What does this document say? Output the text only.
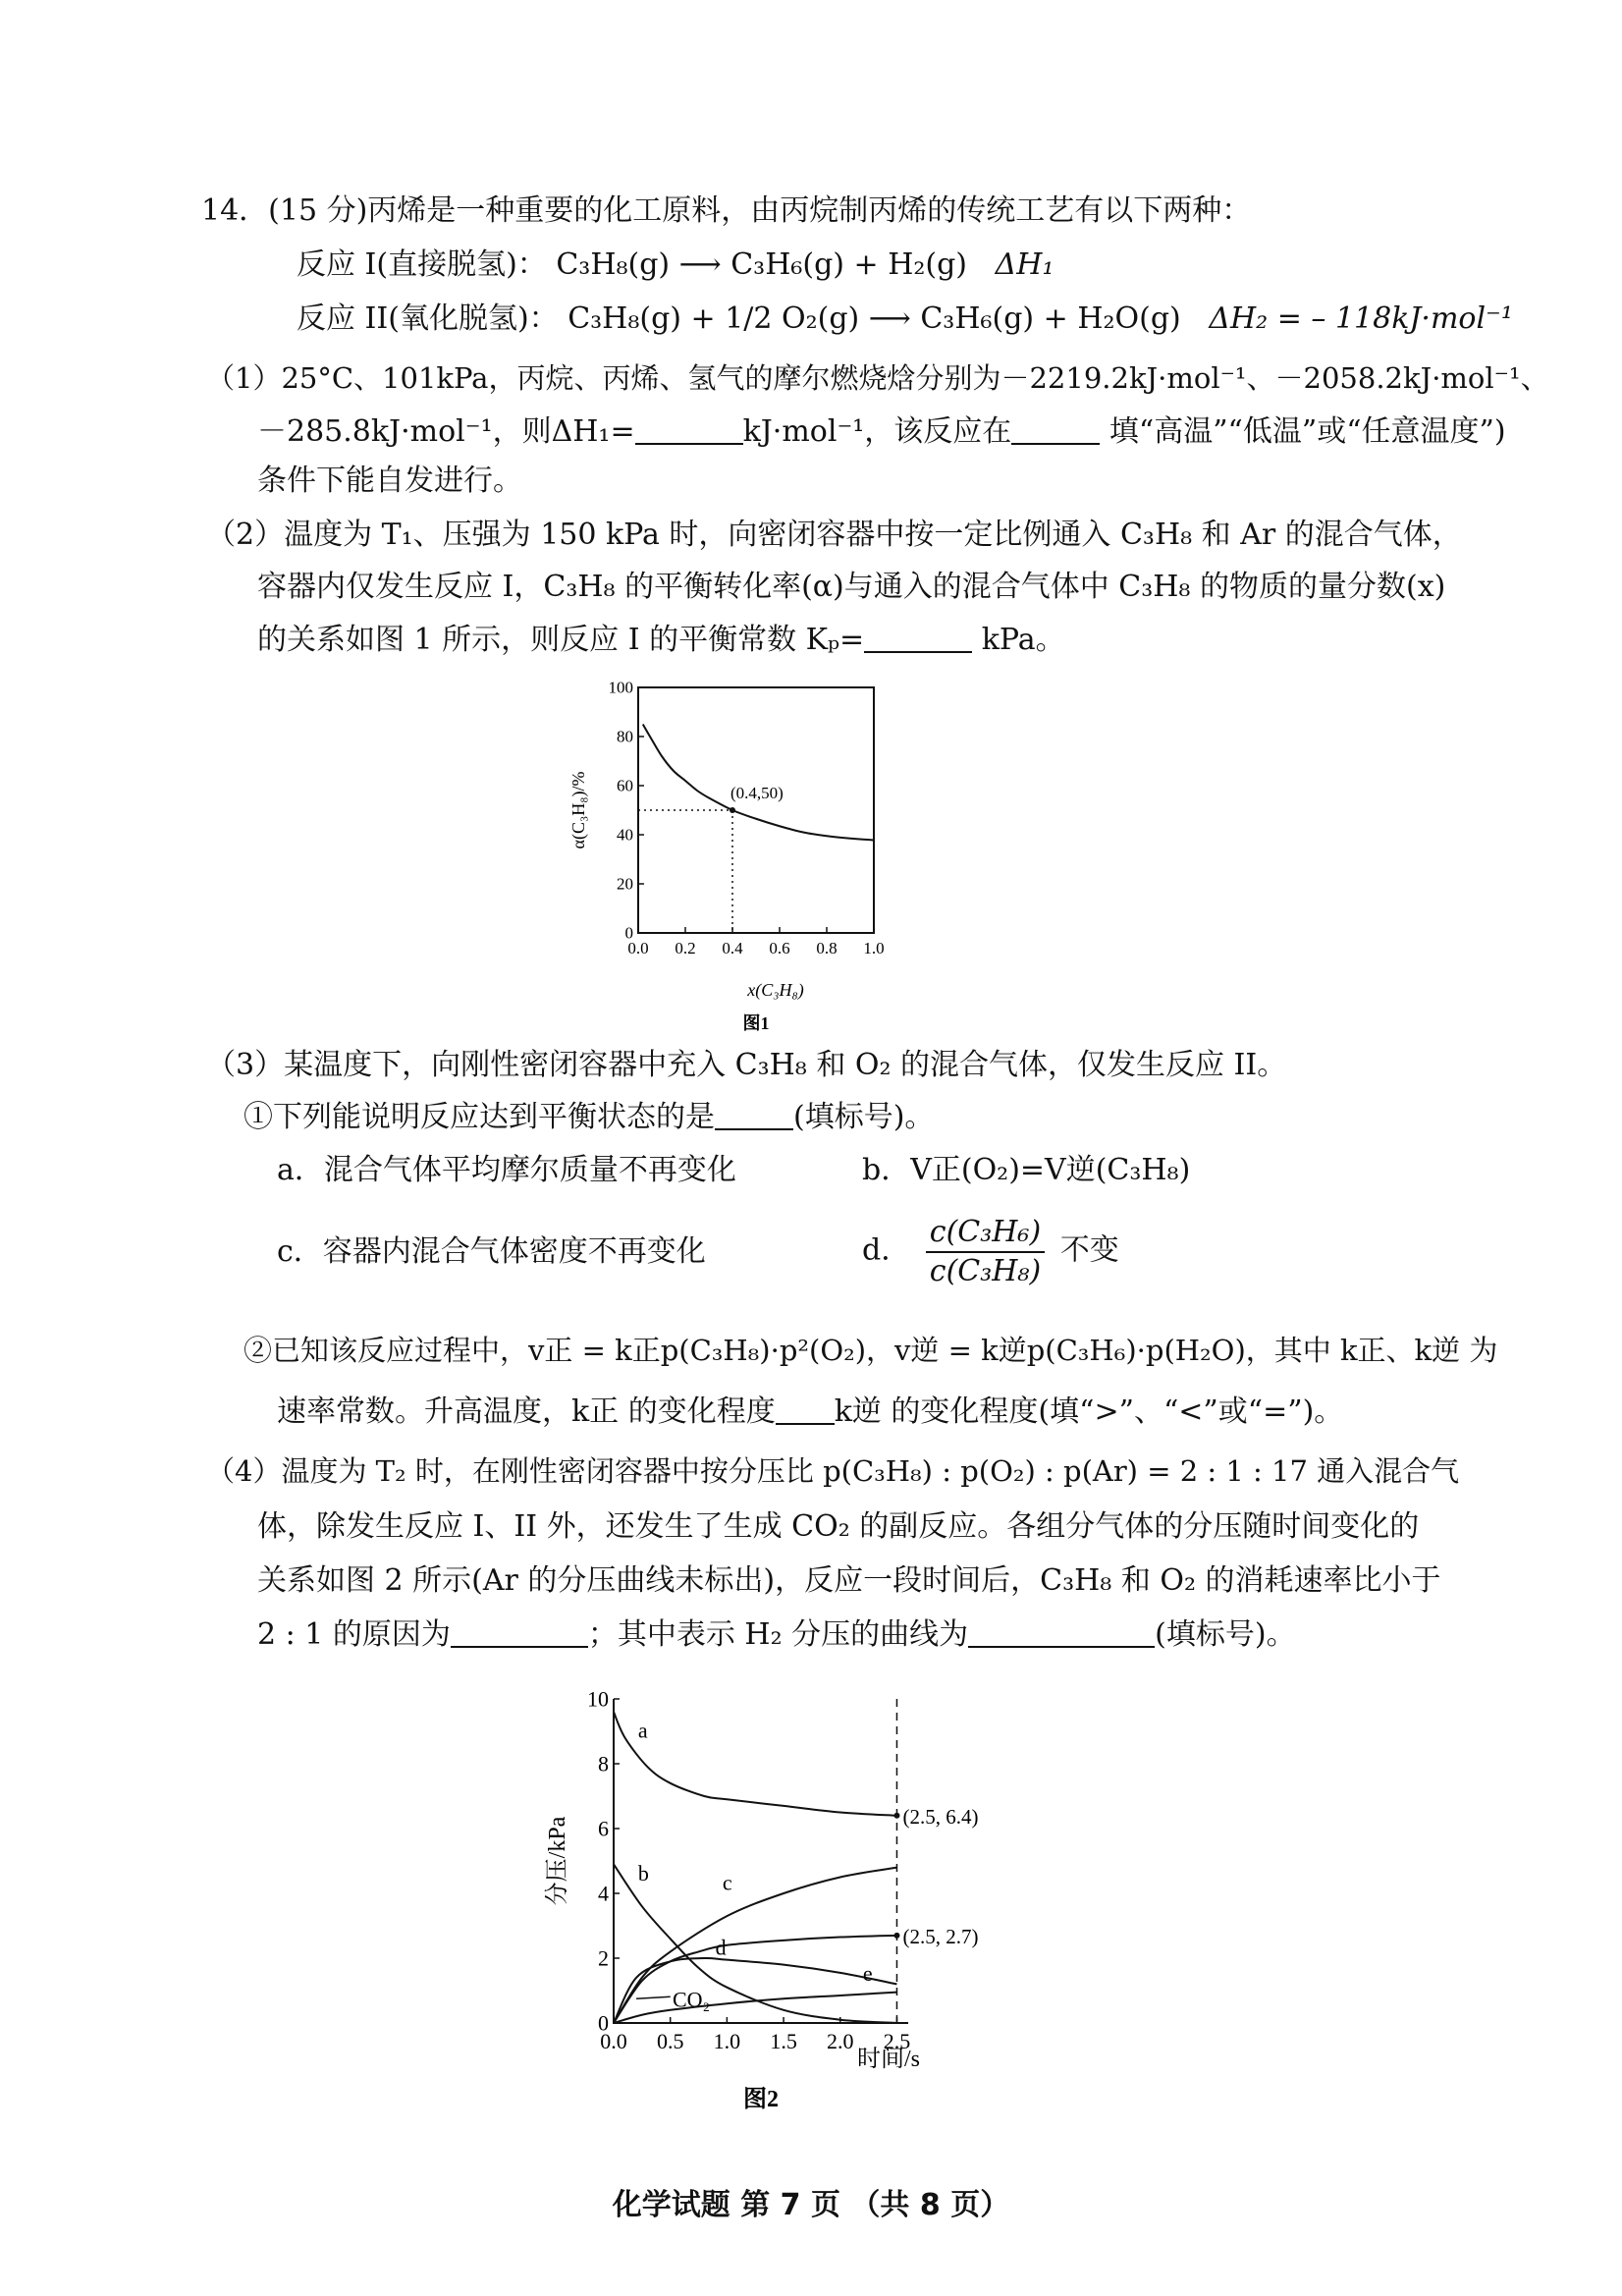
14．(15 分)丙烯是一种重要的化工原料，由丙烷制丙烯的传统工艺有以下两种：
反应 I(直接脱氢)： C₃H₈(g) ⟶ C₃H₆(g) + H₂(g) ΔH₁
反应 II(氧化脱氢)： C₃H₈(g) + 1/2 O₂(g) ⟶ C₃H₆(g) + H₂O(g) ΔH₂ = – 118kJ·mol⁻¹
（1）25°C、101kPa，丙烷、丙烯、氢气的摩尔燃烧焓分别为－2219.2kJ·mol⁻¹、－2058.2kJ·mol⁻¹、
－285.8kJ·mol⁻¹，则ΔH₁=	kJ·mol⁻¹，该反应在	填“高温”“低温”或“任意温度”)
条件下能自发进行。
（2）温度为 T₁、压强为 150 kPa 时，向密闭容器中按一定比例通入 C₃H₈ 和 Ar 的混合气体，
容器内仅发生反应 I，C₃H₈ 的平衡转化率(α)与通入的混合气体中 C₃H₈ 的物质的量分数(x)
的关系如图 1 所示，则反应 I 的平衡常数 Kₚ=	kPa。
0.0 0.2 0.4 0.6 0.8 1.0
0
20
40
60
80
100
x(C₃H₈)
α(C₃H₈)/%
图1
(0.4,50)
（3）某温度下，向刚性密闭容器中充入 C₃H₈ 和 O₂ 的混合气体，仅发生反应 II。
①下列能说明反应达到平衡状态的是	(填标号)。
a．混合气体平均摩尔质量不再变化	b．V正(O₂)=V逆(C₃H₈)
c．容器内混合气体密度不再变化	d． $\frac{\text{c(C₃H₆)}}{\text{c(C₃H₈)}}$ 不变
②已知该反应过程中，v正 = k正p(C₃H₈)·p²(O₂)，v逆 = k逆p(C₃H₆)·p(H₂O)，其中 k正、k逆 为
速率常数。升高温度，k正 的变化程度 k逆 的变化程度(填“>”、“<”或“=”)。
（4）温度为 T₂ 时，在刚性密闭容器中按分压比 p(C₃H₈) : p(O₂) : p(Ar) = 2 : 1 : 17 通入混合气
体，除发生反应 I、II 外，还发生了生成 CO₂ 的副反应。各组分气体的分压随时间变化的
关系如图 2 所示(Ar 的分压曲线未标出)，反应一段时间后，C₃H₈ 和 O₂ 的消耗速率比小于
2 : 1 的原因为	；其中表示 H₂ 分压的曲线为	(填标号)。
0.0 0.5 1.0 1.5 2.0 2.5
0
2
4
6
8
10
时间/s
分压/kPa
图2
a
b	c
d
e
CO₂
(2.5, 6.4)
(2.5, 2.7)
化学试题 第 7 页 （共 8 页）
